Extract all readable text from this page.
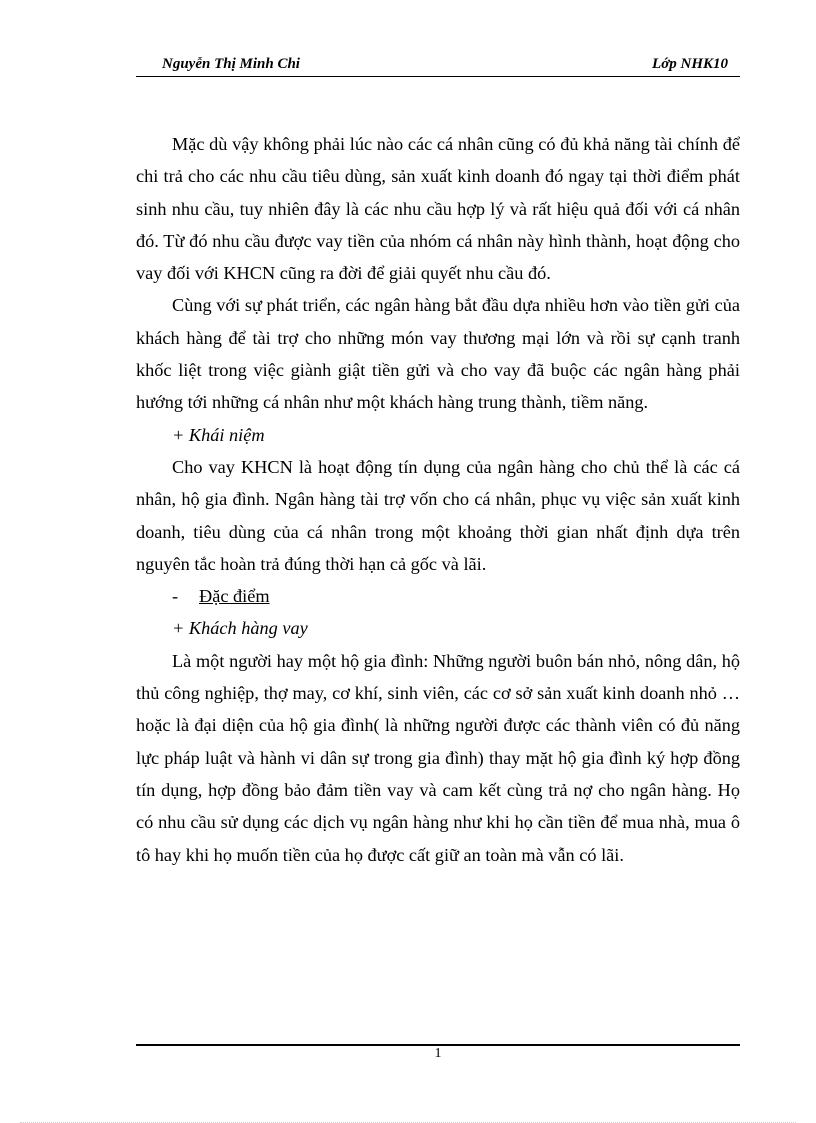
Nguyễn Thị Minh Chi	Lớp NHK10

Mặc dù vậy không phải lúc nào các cá nhân cũng có đủ khả năng tài chính để chi trả cho các nhu cầu tiêu dùng, sản xuất kinh doanh đó ngay tại thời điểm phát sinh nhu cầu, tuy nhiên đây là các nhu cầu hợp lý và rất hiệu quả đối với cá nhân đó. Từ đó nhu cầu được vay tiền của nhóm cá nhân này hình thành, hoạt động cho vay đối với KHCN cũng ra đời để giải quyết nhu cầu đó.

Cùng với sự phát triển, các ngân hàng bắt đầu dựa nhiều hơn vào tiền gửi của khách hàng để tài trợ cho những món vay thương mại lớn và rồi sự cạnh tranh khốc liệt trong việc giành giật tiền gửi và cho vay đã buộc các ngân hàng phải hướng tới những cá nhân như một khách hàng trung thành, tiềm năng.

+ Khái niệm

Cho vay KHCN là hoạt động tín dụng của ngân hàng cho chủ thể là các cá nhân, hộ gia đình. Ngân hàng tài trợ vốn cho cá nhân, phục vụ việc sản xuất kinh doanh, tiêu dùng của cá nhân trong một khoảng thời gian nhất định dựa trên nguyên tắc hoàn trả đúng thời hạn cả gốc và lãi.

- Đặc điểm

+ Khách hàng vay

Là một người hay một hộ gia đình: Những người buôn bán nhỏ, nông dân, hộ thủ công nghiệp, thợ may, cơ khí, sinh viên, các cơ sở sản xuất kinh doanh nhỏ …hoặc là đại diện của hộ gia đình( là những người được các thành viên có đủ năng lực pháp luật và hành vi dân sự trong gia đình) thay mặt hộ gia đình ký hợp đồng tín dụng, hợp đồng bảo đảm tiền vay và cam kết cùng trả nợ cho ngân hàng. Họ có nhu cầu sử dụng các dịch vụ ngân hàng như khi họ cần tiền để mua nhà, mua ô tô hay khi họ muốn tiền của họ được cất giữ an toàn mà vẫn có lãi.

1
